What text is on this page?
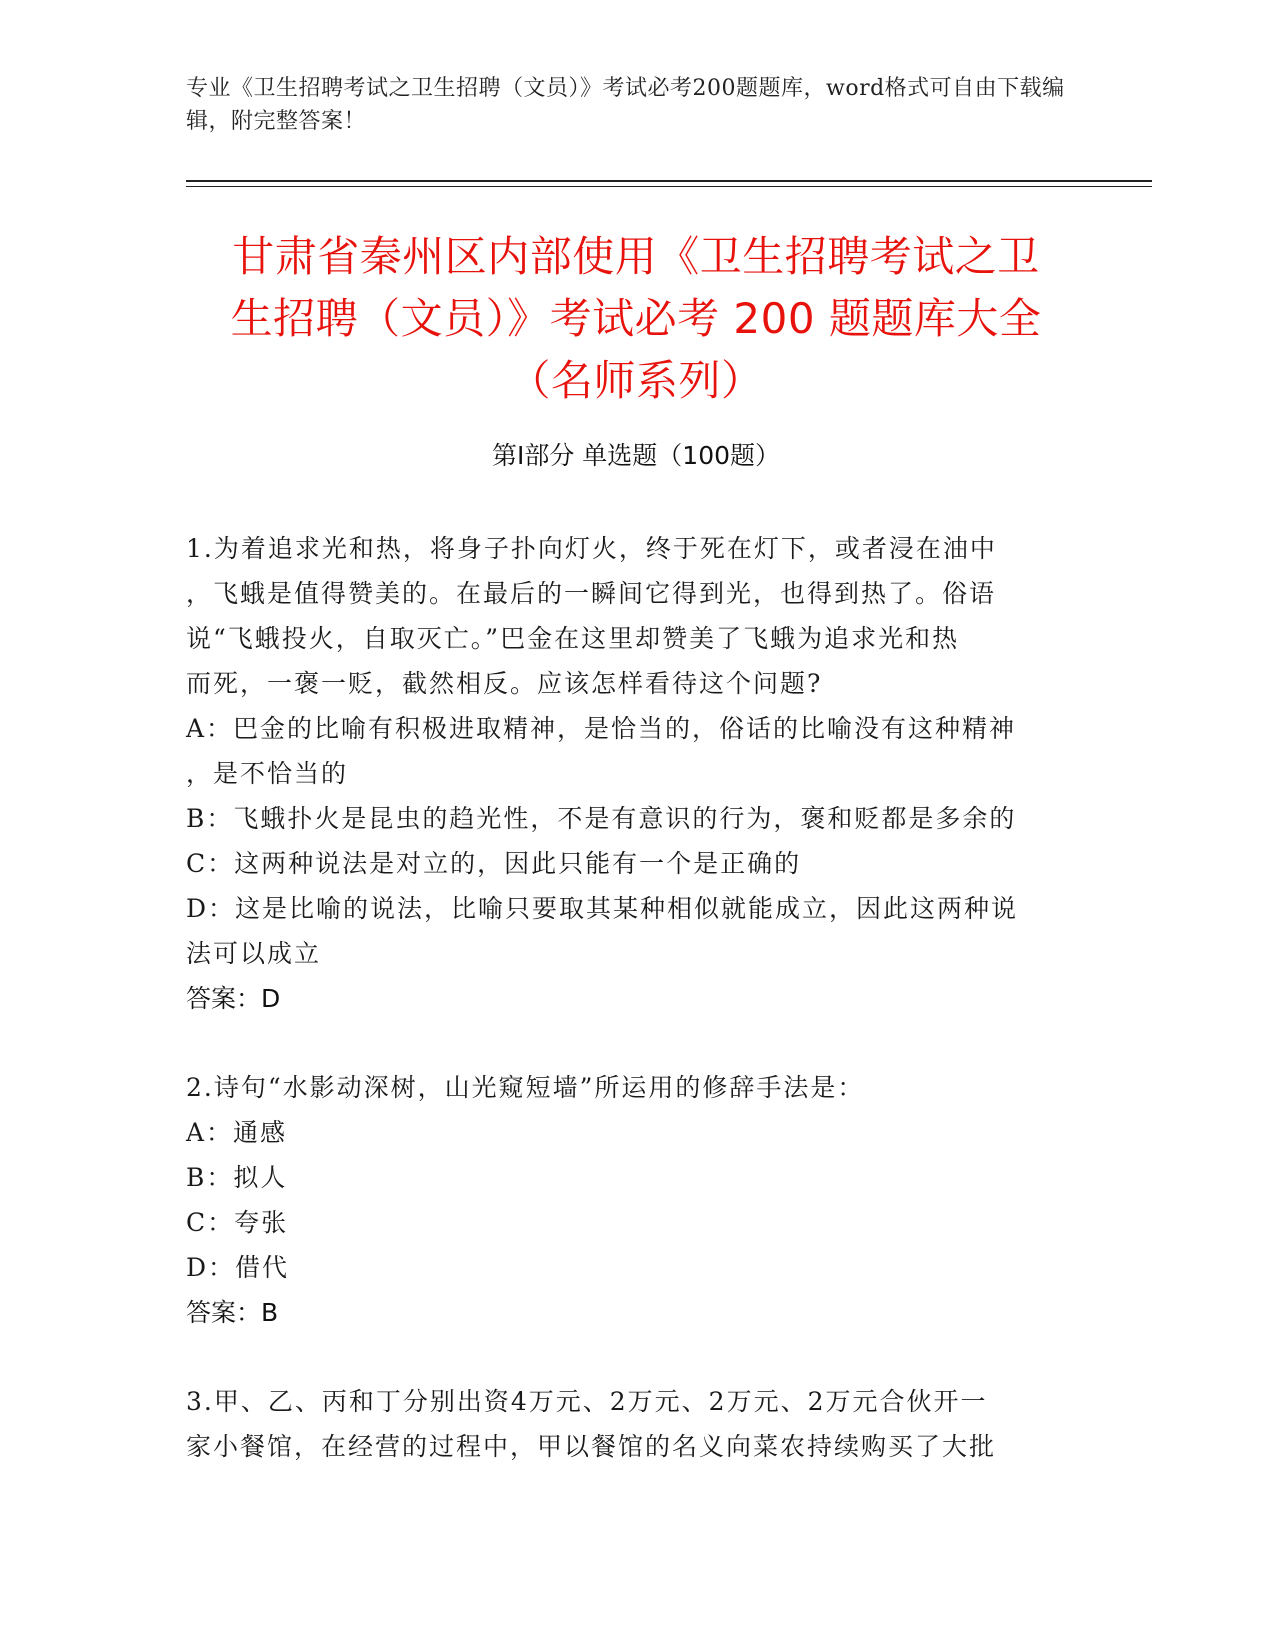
专业《卫生招聘考试之卫生招聘（文员）》考试必考200题题库，word格式可自由下载编辑，附完整答案！
甘肃省秦州区内部使用《卫生招聘考试之卫
生招聘（文员）》考试必考 200 题题库大全
（名师系列）
第Ⅰ部分 单选题（100题）
1.为着追求光和热，将身子扑向灯火，终于死在灯下，或者浸在油中
，飞蛾是值得赞美的。在最后的一瞬间它得到光，也得到热了。俗语
说“飞蛾投火，自取灭亡。”巴金在这里却赞美了飞蛾为追求光和热
而死，一褒一贬，截然相反。应该怎样看待这个问题?
A：巴金的比喻有积极进取精神，是恰当的，俗话的比喻没有这种精神
，是不恰当的
B：飞蛾扑火是昆虫的趋光性，不是有意识的行为，褒和贬都是多余的
C：这两种说法是对立的，因此只能有一个是正确的
D：这是比喻的说法，比喻只要取其某种相似就能成立，因此这两种说
法可以成立
答案：D
2.诗句“水影动深树，山光窥短墙”所运用的修辞手法是：
A：通感
B：拟人
C：夸张
D：借代
答案：B
3.甲、乙、丙和丁分别出资4万元、2万元、2万元、2万元合伙开一
家小餐馆，在经营的过程中，甲以餐馆的名义向菜农持续购买了大批
